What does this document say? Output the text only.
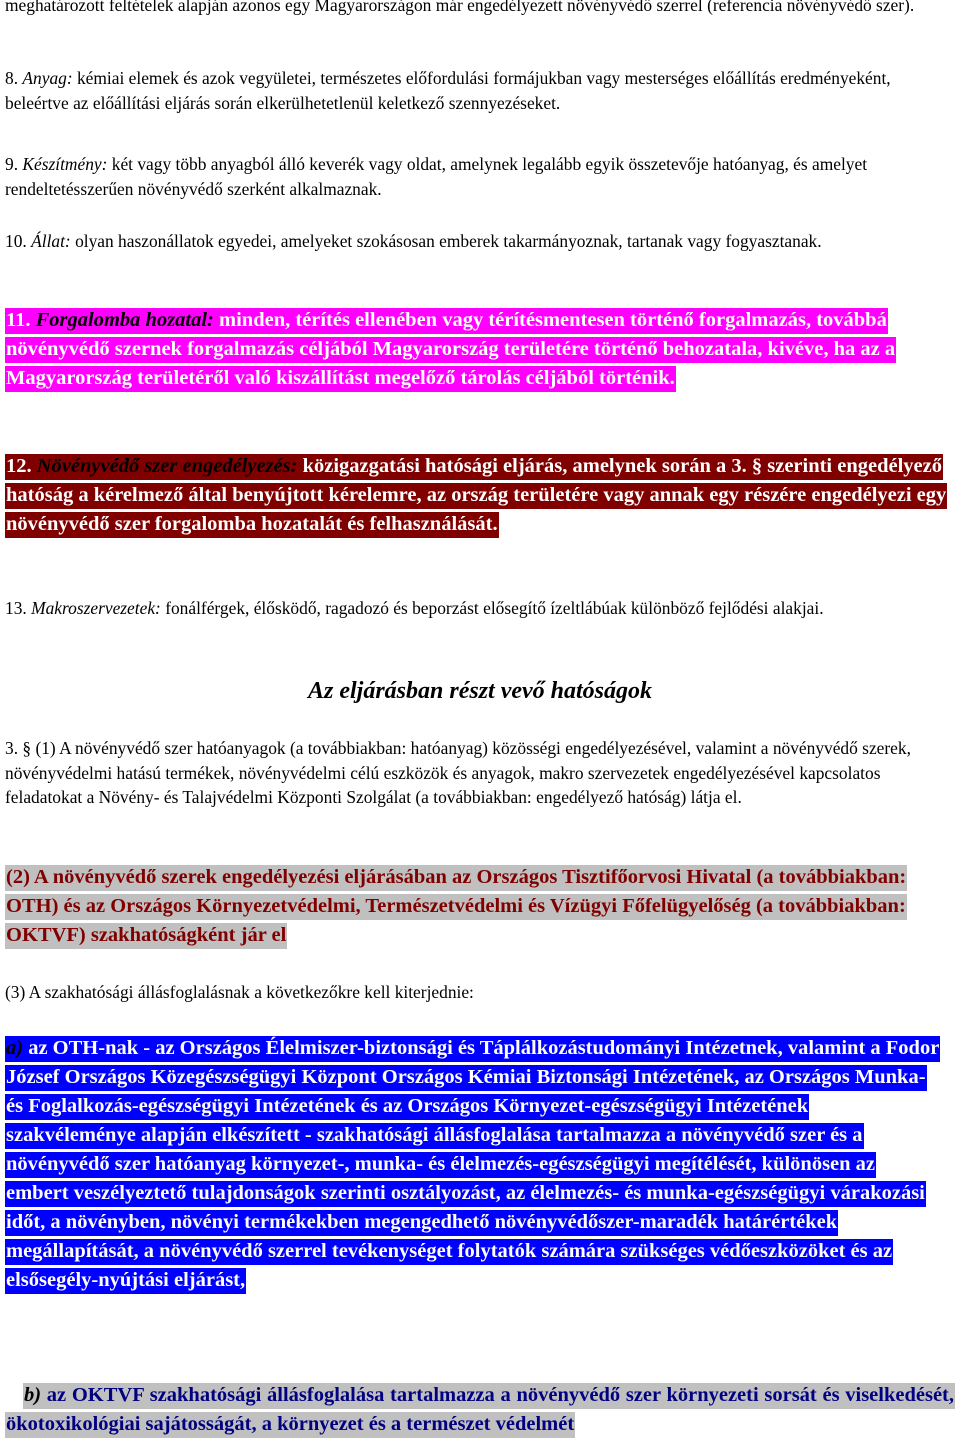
meghatározott feltételek alapján azonos egy Magyarországon már engedélyezett növényvédő szerrel (referencia növényvédő szer).

8. Anyag: kémiai elemek és azok vegyületei, természetes előfordulási formájukban vagy mesterséges előállítás eredményeként, beleértve az előállítási eljárás során elkerülhetetlenül keletkező szennyezéseket.

9. Készítmény: két vagy több anyagból álló keverék vagy oldat, amelynek legalább egyik összetevője hatóanyag, és amelyet rendeltetésszerűen növényvédő szerként alkalmaznak.

10. Állat: olyan haszonállatok egyedei, amelyeket szokásosan emberek takarmányoznak, tartanak vagy fogyasztanak.

11. Forgalomba hozatal: minden, térítés ellenében vagy térítésmentesen történő forgalmazás, továbbá növényvédő szernek forgalmazás céljából Magyarország területére történő behozatala, kivéve, ha az a Magyarország területéről való kiszállítást megelőző tárolás céljából történik.

12. Növényvédő szer engedélyezés: közigazgatási hatósági eljárás, amelynek során a 3. § szerinti engedélyező hatóság a kérelmező által benyújtott kérelemre, az ország területére vagy annak egy részére engedélyezi egy növényvédő szer forgalomba hozatalát és felhasználását.

13. Makroszervezetek: fonálférgek, élősködő, ragadozó és beporzást elősegítő ízeltlábúak különböző fejlődési alakjai.

Az eljárásban részt vevő hatóságok

3. § (1) A növényvédő szer hatóanyagok (a továbbiakban: hatóanyag) közösségi engedélyezésével, valamint a növényvédő szerek, növényvédelmi hatású termékek, növényvédelmi célú eszközök és anyagok, makro szervezetek engedélyezésével kapcsolatos feladatokat a Növény- és Talajvédelmi Központi Szolgálat (a továbbiakban: engedélyező hatóság) látja el.

(2) A növényvédő szerek engedélyezési eljárásában az Országos Tisztifőorvosi Hivatal (a továbbiakban: OTH) és az Országos Környezetvédelmi, Természetvédelmi és Vízügyi Főfelügyelőség (a továbbiakban: OKTVF) szakhatóságként jár el

(3) A szakhatósági állásfoglalásnak a következőkre kell kiterjednie:

a) az OTH-nak - az Országos Élelmiszer-biztonsági és Táplálkozástudományi Intézetnek, valamint a Fodor József Országos Közegészségügyi Központ Országos Kémiai Biztonsági Intézetének, az Országos Munka- és Foglalkozás-egészségügyi Intézetének és az Országos Környezet-egészségügyi Intézetének szakvéleménye alapján elkészített - szakhatósági állásfoglalása tartalmazza a növényvédő szer és a növényvédő szer hatóanyag környezet-, munka- és élelmezés-egészségügyi megítélését, különösen az embert veszélyeztető tulajdonságok szerinti osztályozást, az élelmezés- és munka-egészségügyi várakozási időt, a növényben, növényi termékekben megengedhető növényvédőszer-maradék határértékek megállapítását, a növényvédő szerrel tevékenységet folytatók számára szükséges védőeszközöket és az elsősegély-nyújtási eljárást,

b) az OKTVF szakhatósági állásfoglalása tartalmazza a növényvédő szer környezeti sorsát és viselkedését, ökotoxikológiai sajátosságát, a környezet és a természet védelmét
